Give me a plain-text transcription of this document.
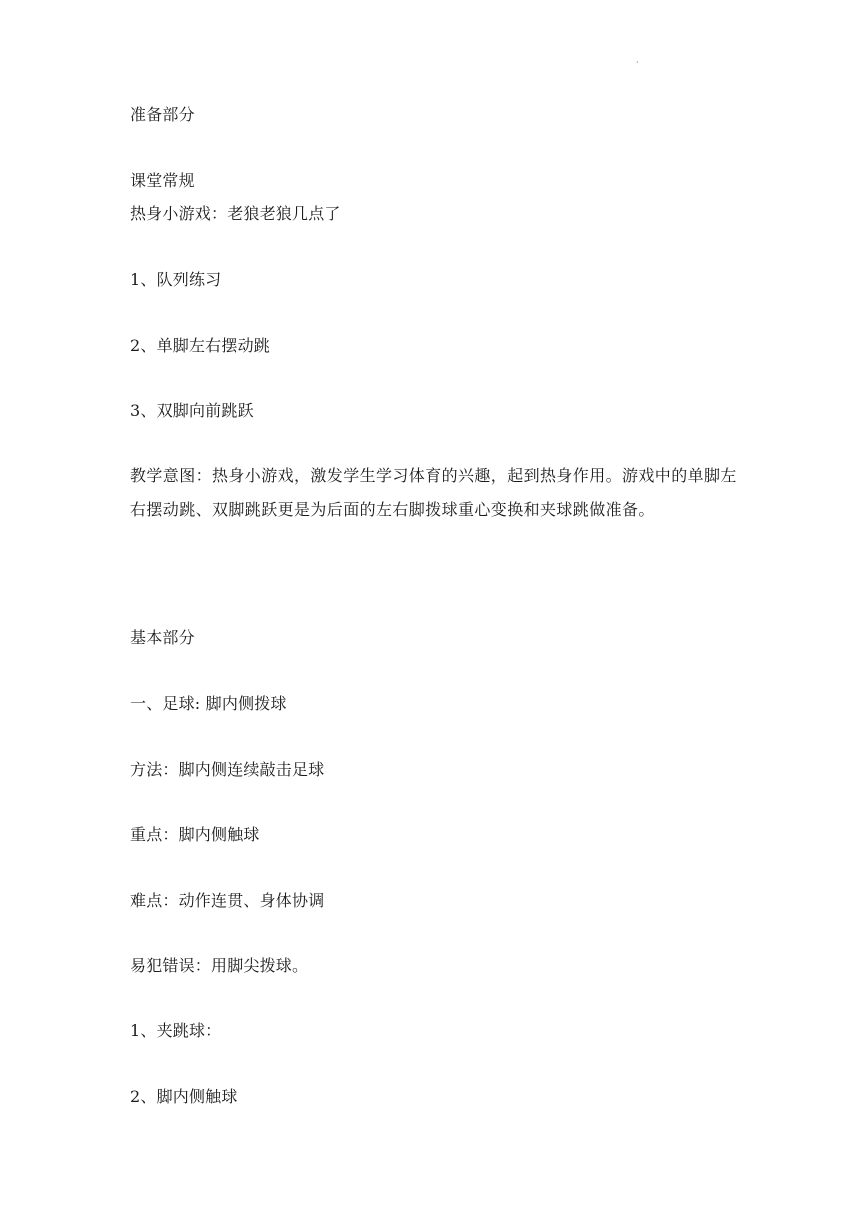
·
准备部分
课堂常规
热身小游戏：老狼老狼几点了
1、队列练习
2、单脚左右摆动跳
3、双脚向前跳跃
教学意图：热身小游戏，激发学生学习体育的兴趣，起到热身作用。游戏中的单脚左右摆动跳、双脚跳跃更是为后面的左右脚拨球重心变换和夹球跳做准备。
基本部分
一、足球: 脚内侧拨球
方法：脚内侧连续敲击足球
重点：脚内侧触球
难点：动作连贯、身体协调
易犯错误：用脚尖拨球。
1、夹跳球：
2、脚内侧触球
